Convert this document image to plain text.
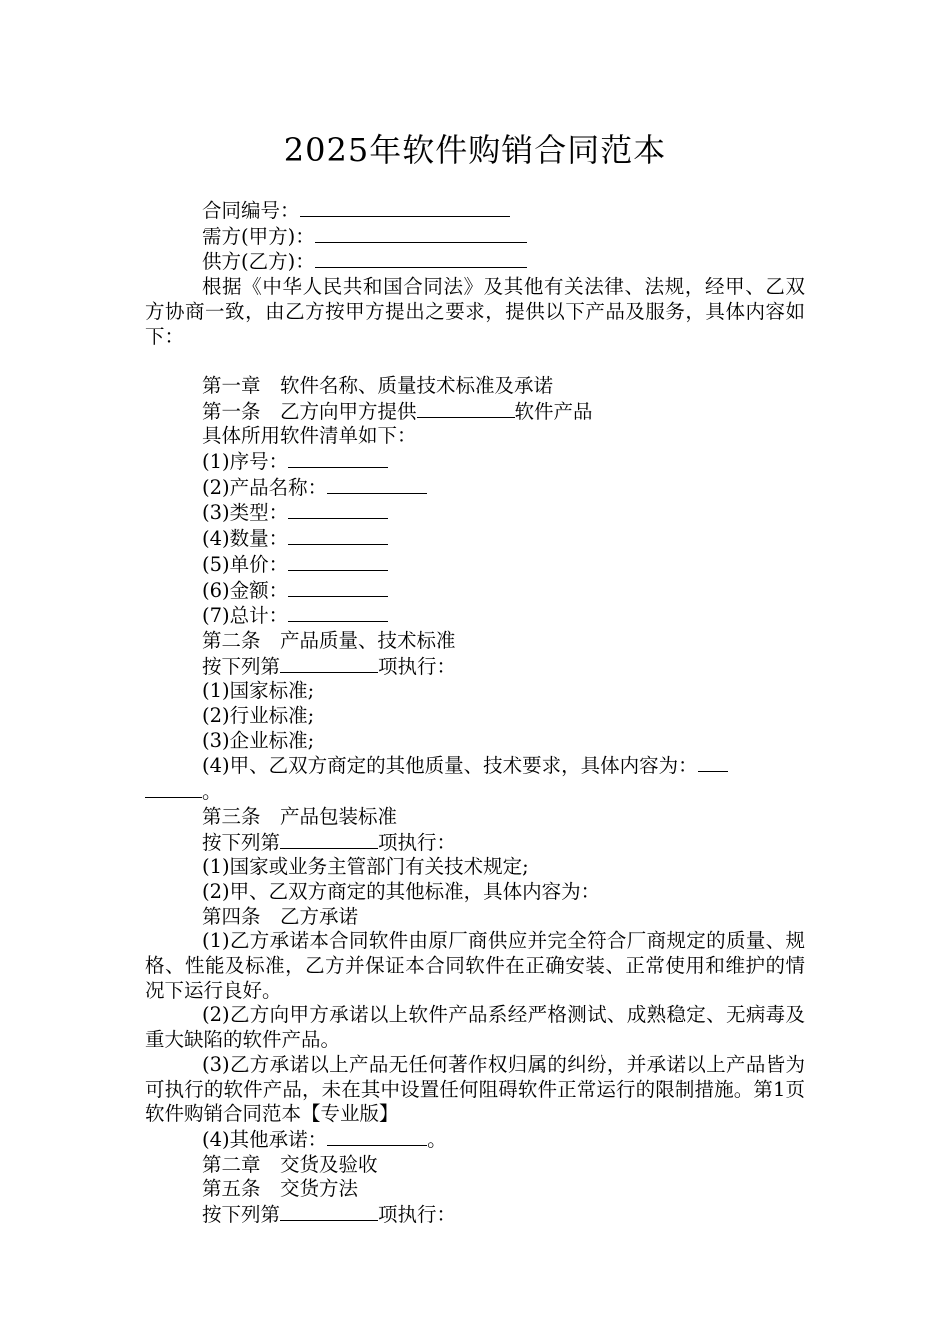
2025年软件购销合同范本
合同编号：
需方(甲方)：
供方(乙方)：
根据《中华人民共和国合同法》及其他有关法律、法规，经甲、乙双方协商一致，由乙方按甲方提出之要求，提供以下产品及服务，具体内容如下：
第一章　软件名称、质量技术标准及承诺
第一条　乙方向甲方提供	软件产品
具体所用软件清单如下：
(1)序号：
(2)产品名称：
(3)类型：
(4)数量：
(5)单价：
(6)金额：
(7)总计：
第二条　产品质量、技术标准
按下列第	项执行：
(1)国家标准;
(2)行业标准;
(3)企业标准;
(4)甲、乙双方商定的其他质量、技术要求，具体内容为：
。
第三条　产品包装标准
按下列第	项执行：
(1)国家或业务主管部门有关技术规定;
(2)甲、乙双方商定的其他标准，具体内容为：
第四条　乙方承诺
(1)乙方承诺本合同软件由原厂商供应并完全符合厂商规定的质量、规格、性能及标准，乙方并保证本合同软件在正确安装、正常使用和维护的情况下运行良好。
(2)乙方向甲方承诺以上软件产品系经严格测试、成熟稳定、无病毒及重大缺陷的软件产品。
(3)乙方承诺以上产品无任何著作权归属的纠纷，并承诺以上产品皆为可执行的软件产品，未在其中设置任何阻碍软件正常运行的限制措施。第1页软件购销合同范本【专业版】
(4)其他承诺：	。
第二章　交货及验收
第五条　交货方法
按下列第	项执行：
